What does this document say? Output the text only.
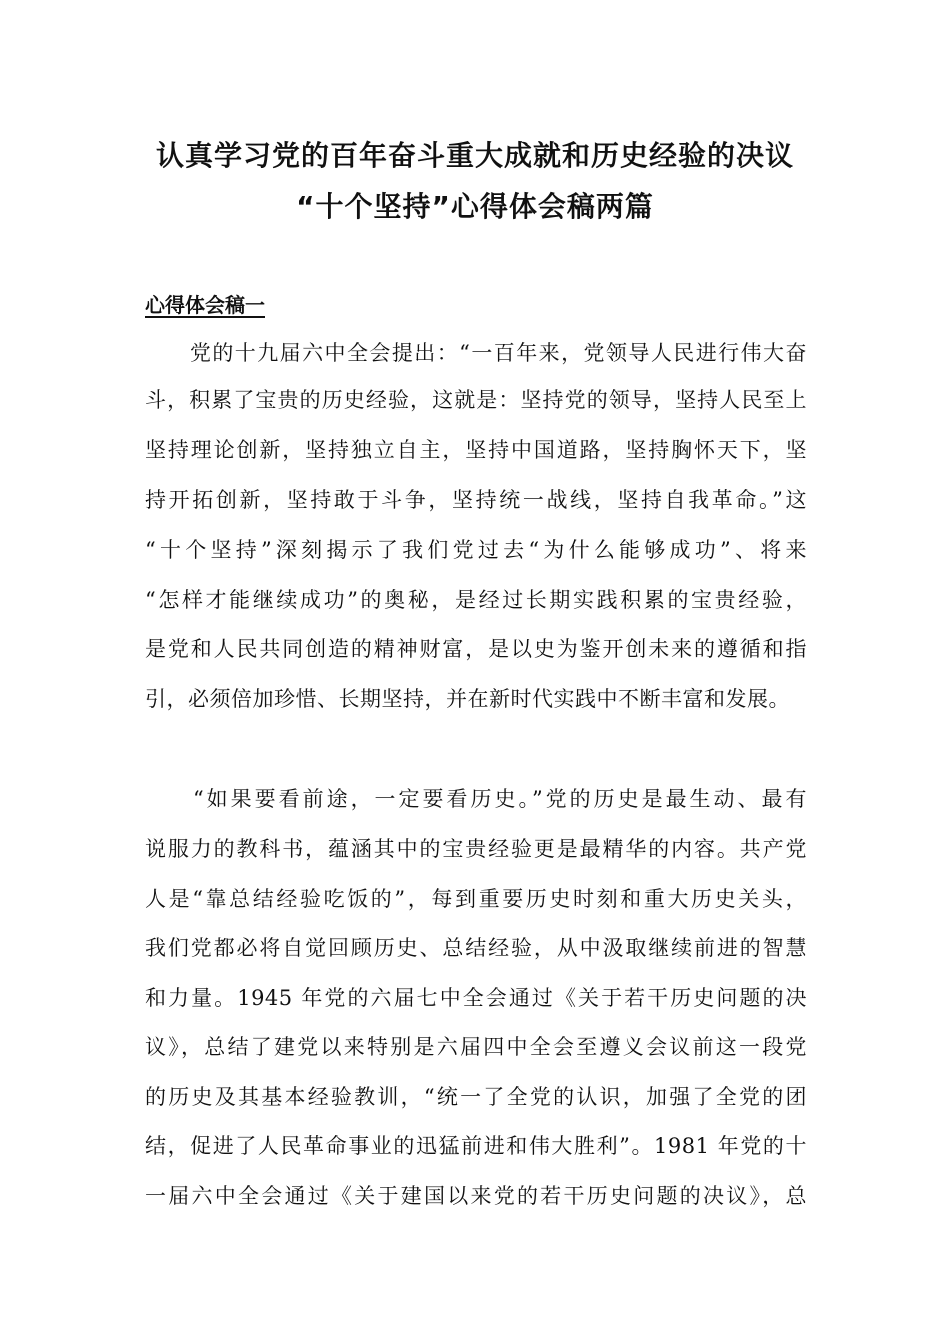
认真学习党的百年奋斗重大成就和历史经验的决议
“十个坚持”心得体会稿两篇
心得体会稿一
　　党的十九届六中全会提出：“一百年来，党领导人民进行伟大奋
斗，积累了宝贵的历史经验，这就是：坚持党的领导，坚持人民至上
坚持理论创新，坚持独立自主，坚持中国道路，坚持胸怀天下，坚
持开拓创新，坚持敢于斗争，坚持统一战线，坚持自我革命。”这
“十个坚持”深刻揭示了我们党过去“为什么能够成功”、将来
“怎样才能继续成功”的奥秘，是经过长期实践积累的宝贵经验，
是党和人民共同创造的精神财富，是以史为鉴开创未来的遵循和指
引，必须倍加珍惜、长期坚持，并在新时代实践中不断丰富和发展。
　　“如果要看前途，一定要看历史。”党的历史是最生动、最有
说服力的教科书，蕴涵其中的宝贵经验更是最精华的内容。共产党
人是“靠总结经验吃饭的”，每到重要历史时刻和重大历史关头，
我们党都必将自觉回顾历史、总结经验，从中汲取继续前进的智慧
和力量。1945 年党的六届七中全会通过《关于若干历史问题的决
议》，总结了建党以来特别是六届四中全会至遵义会议前这一段党
的历史及其基本经验教训，“统一了全党的认识，加强了全党的团
结，促进了人民革命事业的迅猛前进和伟大胜利”。1981 年党的十
一届六中全会通过《关于建国以来党的若干历史问题的决议》，总
